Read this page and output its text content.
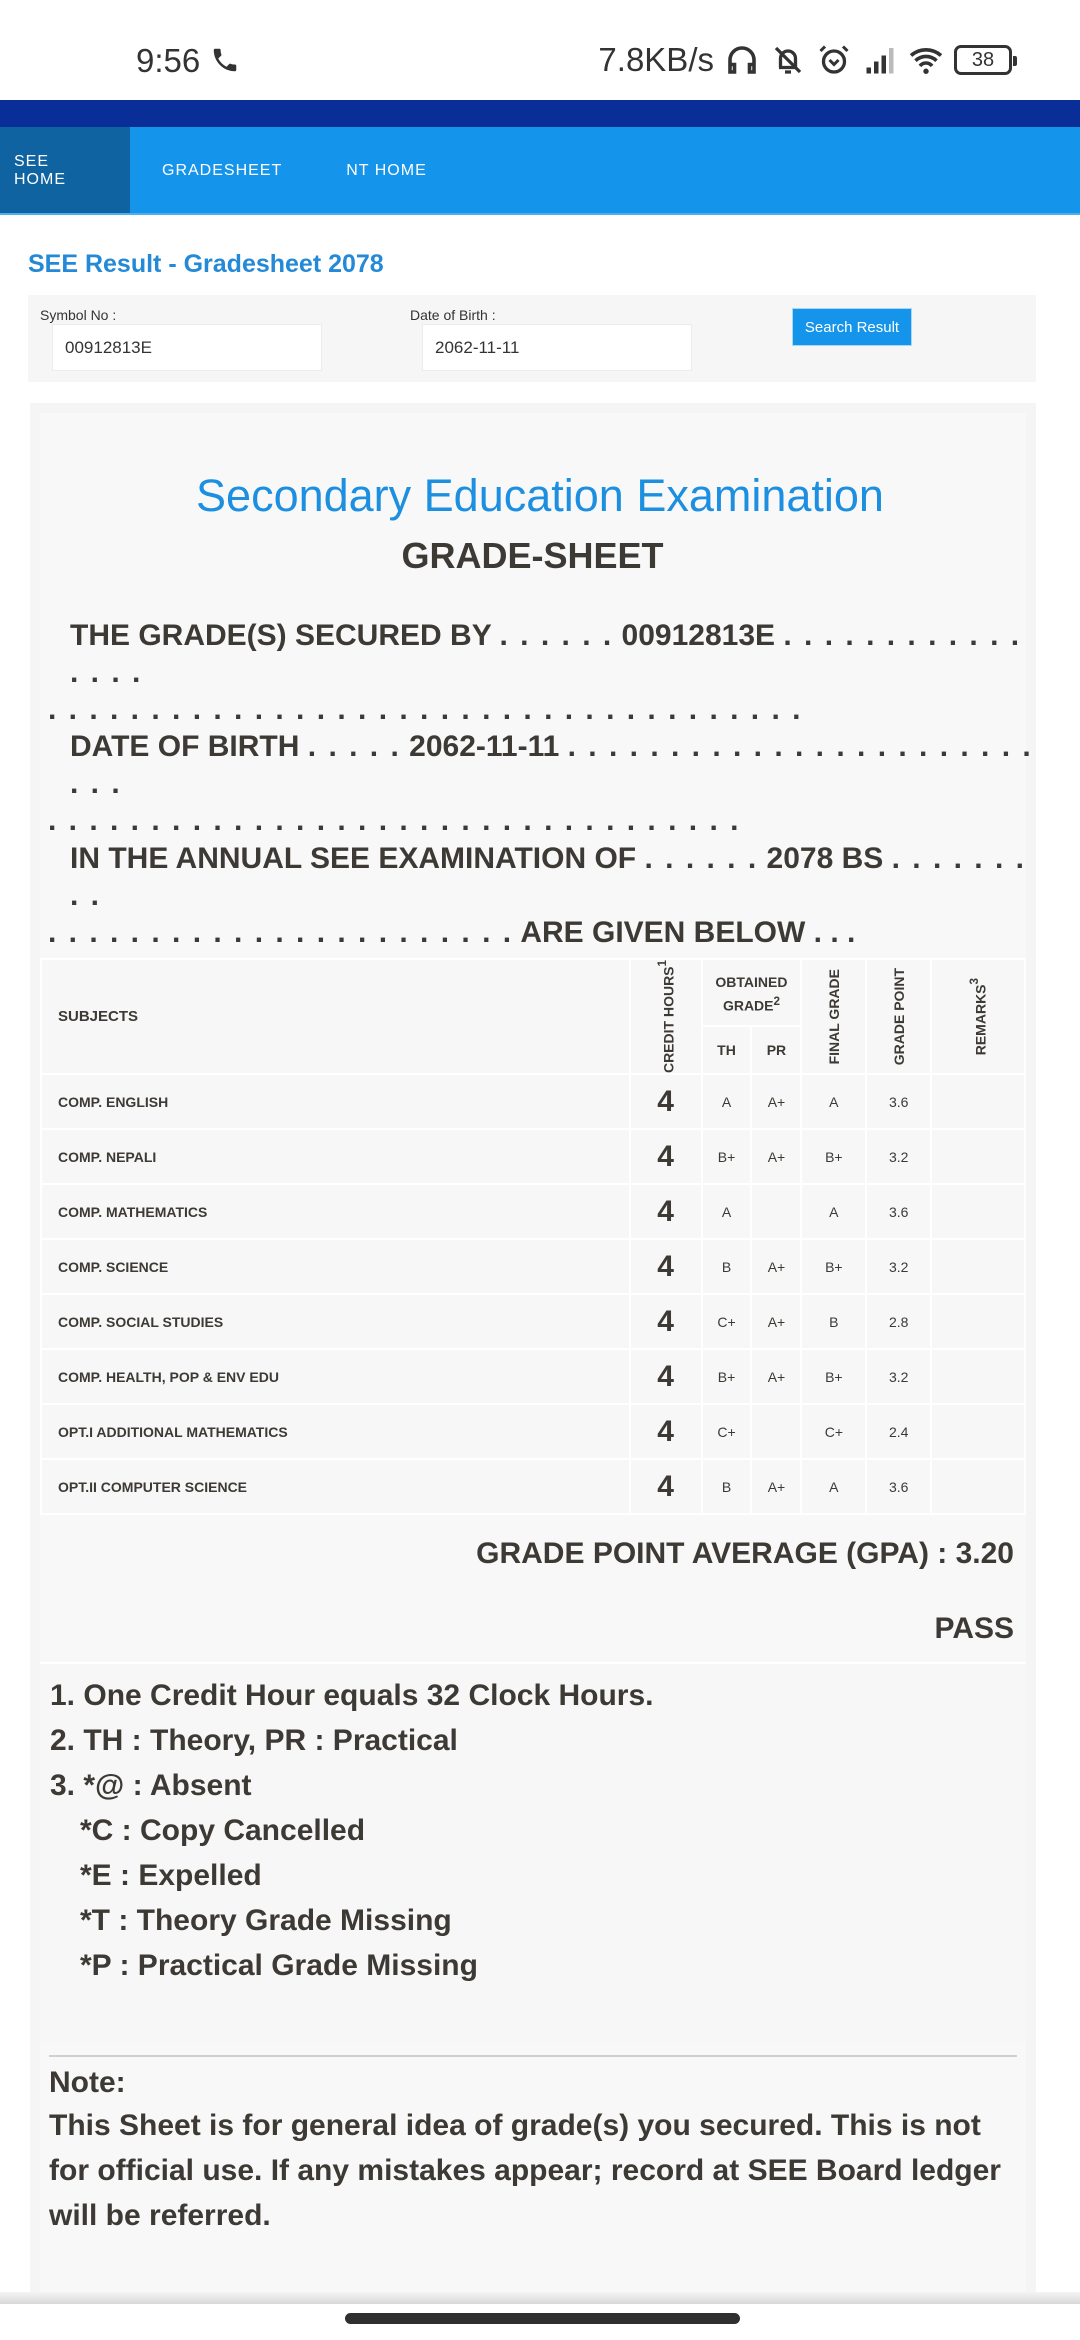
9:56	7.8KB/s	38
SEE HOME
GRADESHEET	NT HOME
SEE Result - Gradesheet 2078
Symbol No :
00912813E
Date of Birth :
2062-11-11
Search Result
Secondary Education Examination
GRADE-SHEET
THE GRADE(S) SECURED BY . . . . . . 00912813E . . . . . . . . . . . . . . . .
. . . . . . . . . . . . . . . . . . . . . . . . . . . . . . . . . . . . .
DATE OF BIRTH . . . . . 2062-11-11 . . . . . . . . . . . . . . . . . . . . . . . . . .
. . . . . . . . . . . . . . . . . . . . . . . . . . . . . . . . . .
IN THE ANNUAL SEE EXAMINATION OF . . . . . . 2078 BS . . . . . . . . .
. . . . . . . . . . . . . . . . . . . . . . . ARE GIVEN BELOW . . .
SUBJECTS	CREDIT HOURS$^1$	OBTAINED GRADE$^2$		FINAL GRADE	GRADE POINT	REMARKS$^3$

		TH	PR			
COMP. ENGLISH	4	A	A+	A	3.6	
COMP. NEPALI	4	B+	A+	B+	3.2	
COMP. MATHEMATICS	4	A		A	3.6	
COMP. SCIENCE	4	B	A+	B+	3.2	
COMP. SOCIAL STUDIES	4	C+	A+	B	2.8	
COMP. HEALTH, POP & ENV EDU	4	B+	A+	B+	3.2	
OPT.I ADDITIONAL MATHEMATICS	4	C+		C+	2.4	
OPT.II COMPUTER SCIENCE	4	B	A+	A	3.6	
GRADE POINT AVERAGE (GPA) : 3.20
PASS
1. One Credit Hour equals 32 Clock Hours.
2. TH : Theory, PR : Practical
3. *@ : Absent
*C : Copy Cancelled
*E : Expelled
*T : Theory Grade Missing
*P : Practical Grade Missing
Note:
This Sheet is for general idea of grade(s) you secured. This is not for official use. If any mistakes appear; record at SEE Board ledger will be referred.
